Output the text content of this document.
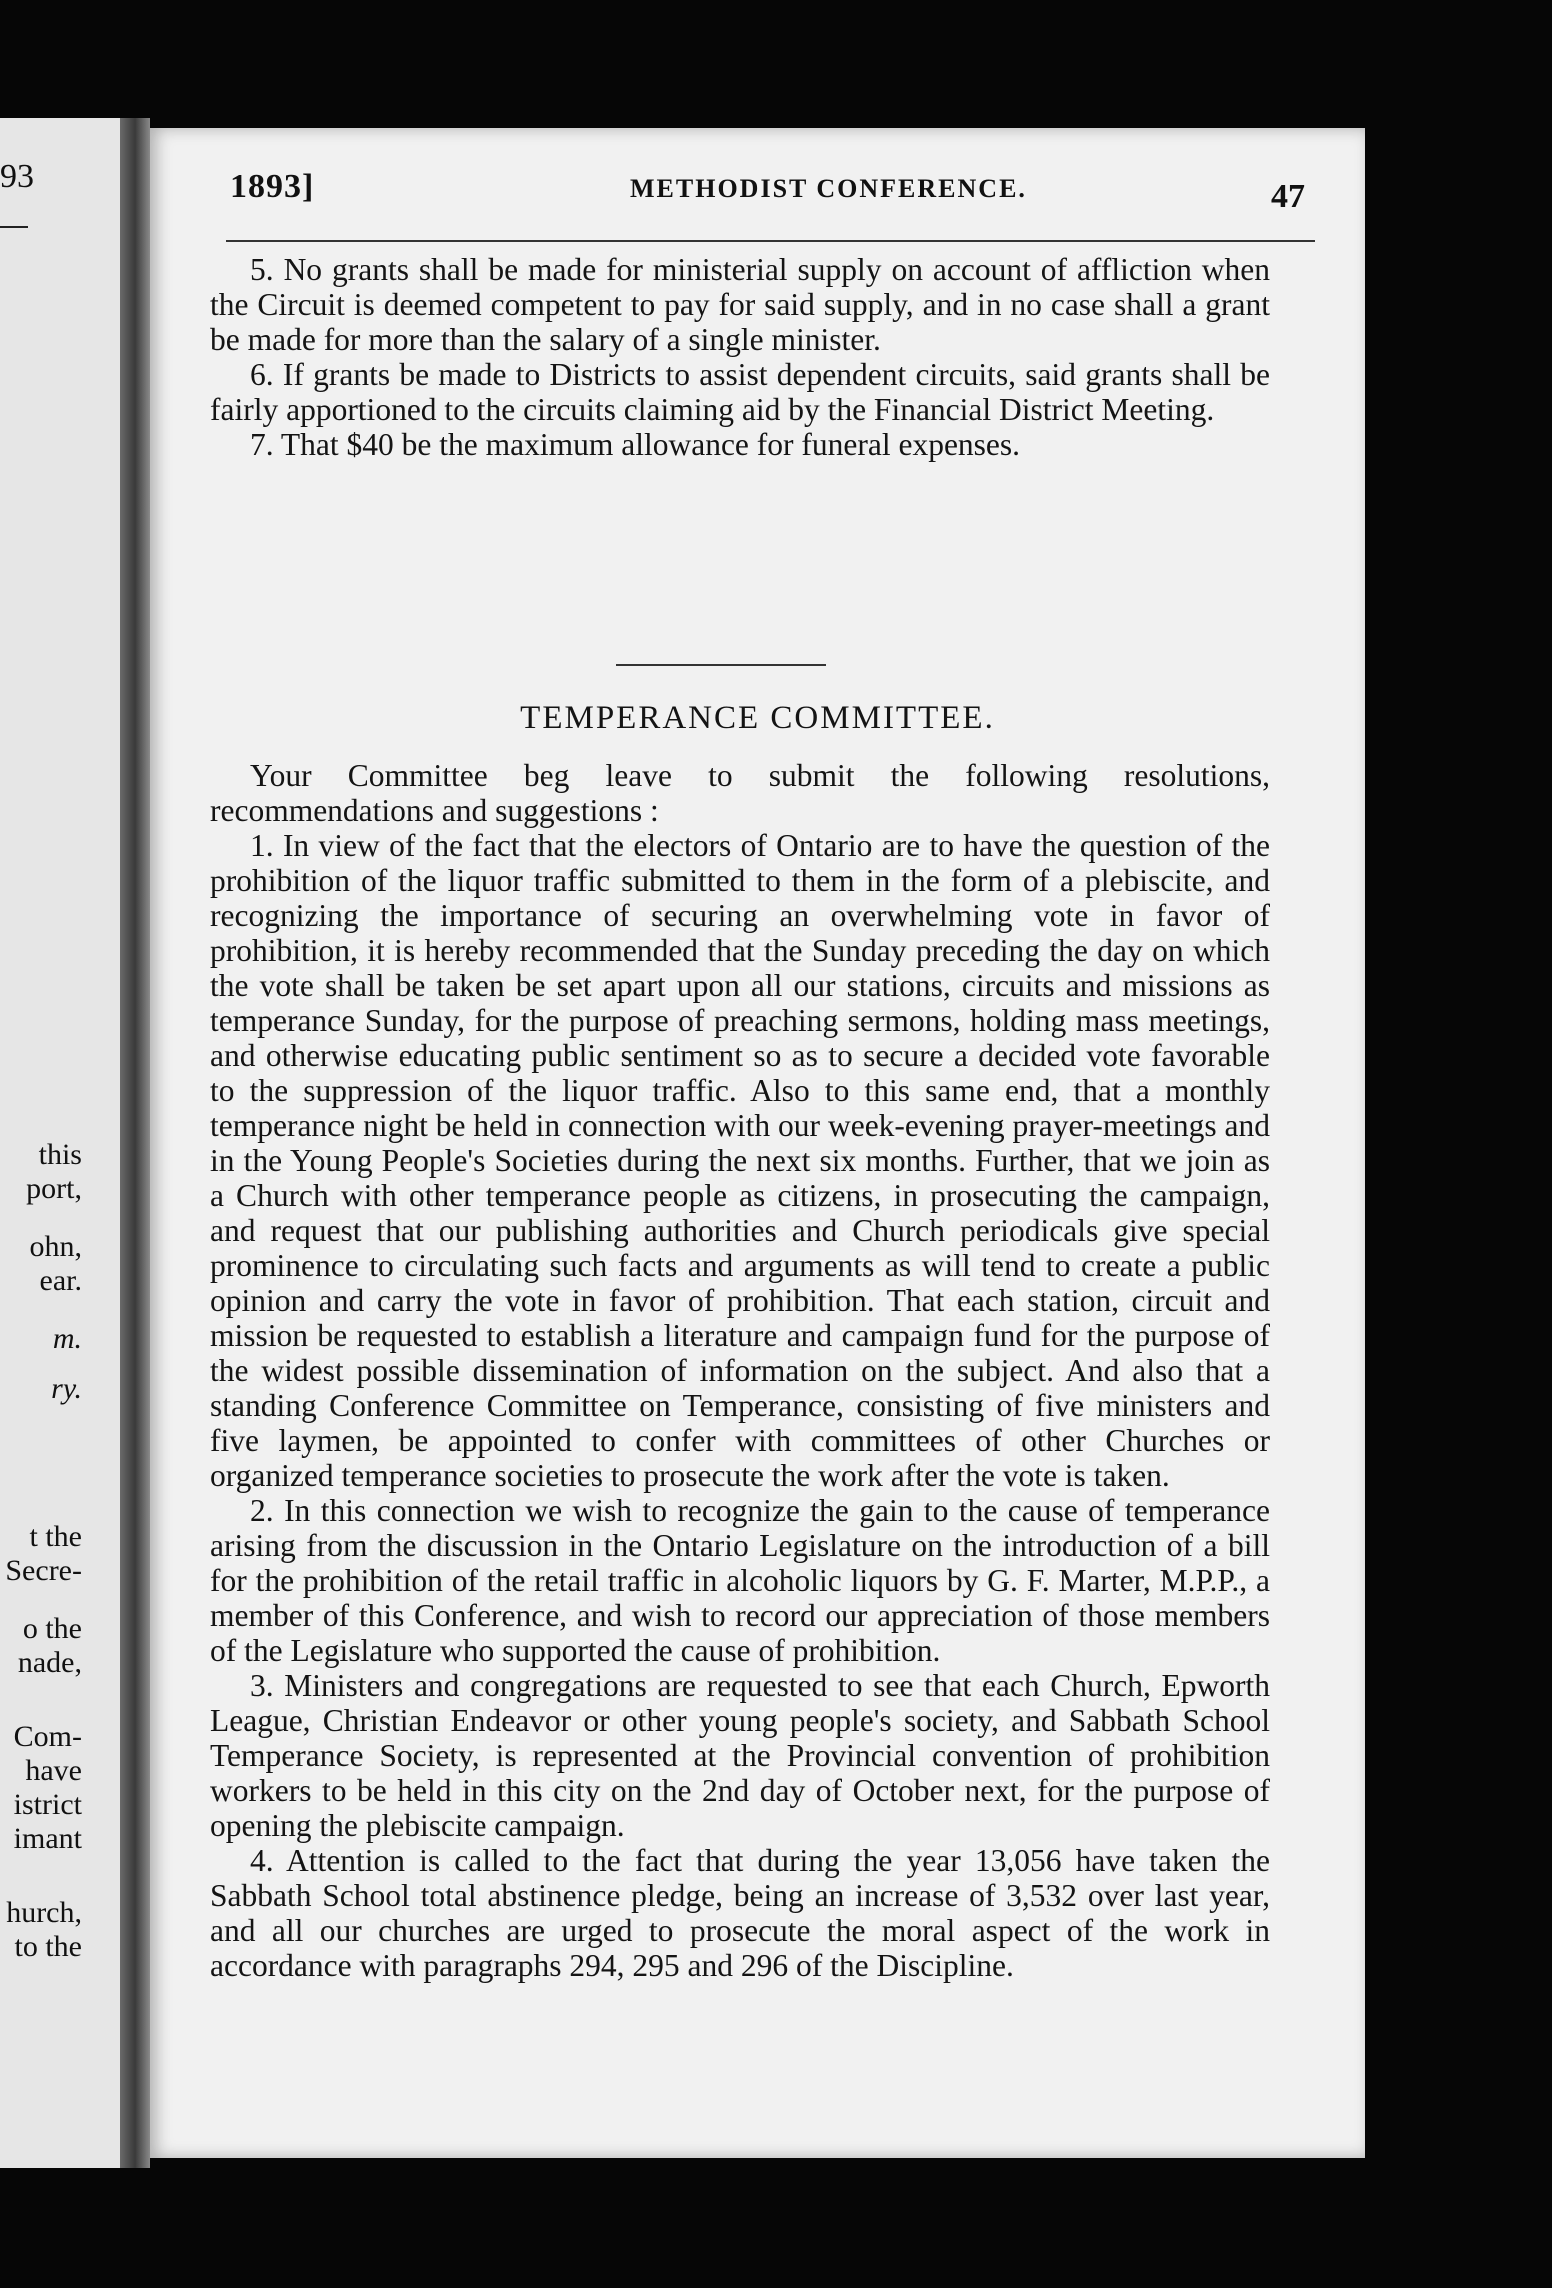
93
this
port,
ohn,
ear.
m.
ry.
t the
Secre-
o the
nade,
Com-
have
istrict
imant
hurch,
to the
1893]	METHODIST CONFERENCE.	47

5. No grants shall be made for ministerial supply on account of affliction when the Circuit is deemed competent to pay for said supply, and in no case shall a grant be made for more than the salary of a single minister.

6. If grants be made to Districts to assist dependent circuits, said grants shall be fairly apportioned to the circuits claiming aid by the Financial District Meeting.

7. That $40 be the maximum allowance for funeral expenses.

TEMPERANCE COMMITTEE.

Your Committee beg leave to submit the following resolutions, recommendations and suggestions :

1. In view of the fact that the electors of Ontario are to have the question of the prohibition of the liquor traffic submitted to them in the form of a plebiscite, and recognizing the importance of securing an overwhelming vote in favor of prohibition, it is hereby recommended that the Sunday preceding the day on which the vote shall be taken be set apart upon all our stations, circuits and missions as temperance Sunday, for the purpose of preaching sermons, holding mass meetings, and otherwise educating public sentiment so as to secure a decided vote favorable to the suppression of the liquor traffic. Also to this same end, that a monthly temperance night be held in connection with our week-evening prayer-meetings and in the Young People's Societies during the next six months. Further, that we join as a Church with other temperance people as citizens, in prosecuting the campaign, and request that our publishing authorities and Church periodicals give special prominence to circulating such facts and arguments as will tend to create a public opinion and carry the vote in favor of prohibition. That each station, circuit and mission be requested to establish a literature and campaign fund for the purpose of the widest possible dissemination of information on the subject. And also that a standing Conference Committee on Temperance, consisting of five ministers and five laymen, be appointed to confer with committees of other Churches or organized temperance societies to prosecute the work after the vote is taken.

2. In this connection we wish to recognize the gain to the cause of temperance arising from the discussion in the Ontario Legislature on the introduction of a bill for the prohibition of the retail traffic in alcoholic liquors by G. F. Marter, M.P.P., a member of this Conference, and wish to record our appreciation of those members of the Legislature who supported the cause of prohibition.

3. Ministers and congregations are requested to see that each Church, Epworth League, Christian Endeavor or other young people's society, and Sabbath School Temperance Society, is represented at the Provincial convention of prohibition workers to be held in this city on the 2nd day of October next, for the purpose of opening the plebiscite campaign.

4. Attention is called to the fact that during the year 13,056 have taken the Sabbath School total abstinence pledge, being an increase of 3,532 over last year, and all our churches are urged to prosecute the moral aspect of the work in accordance with paragraphs 294, 295 and 296 of the Discipline.
